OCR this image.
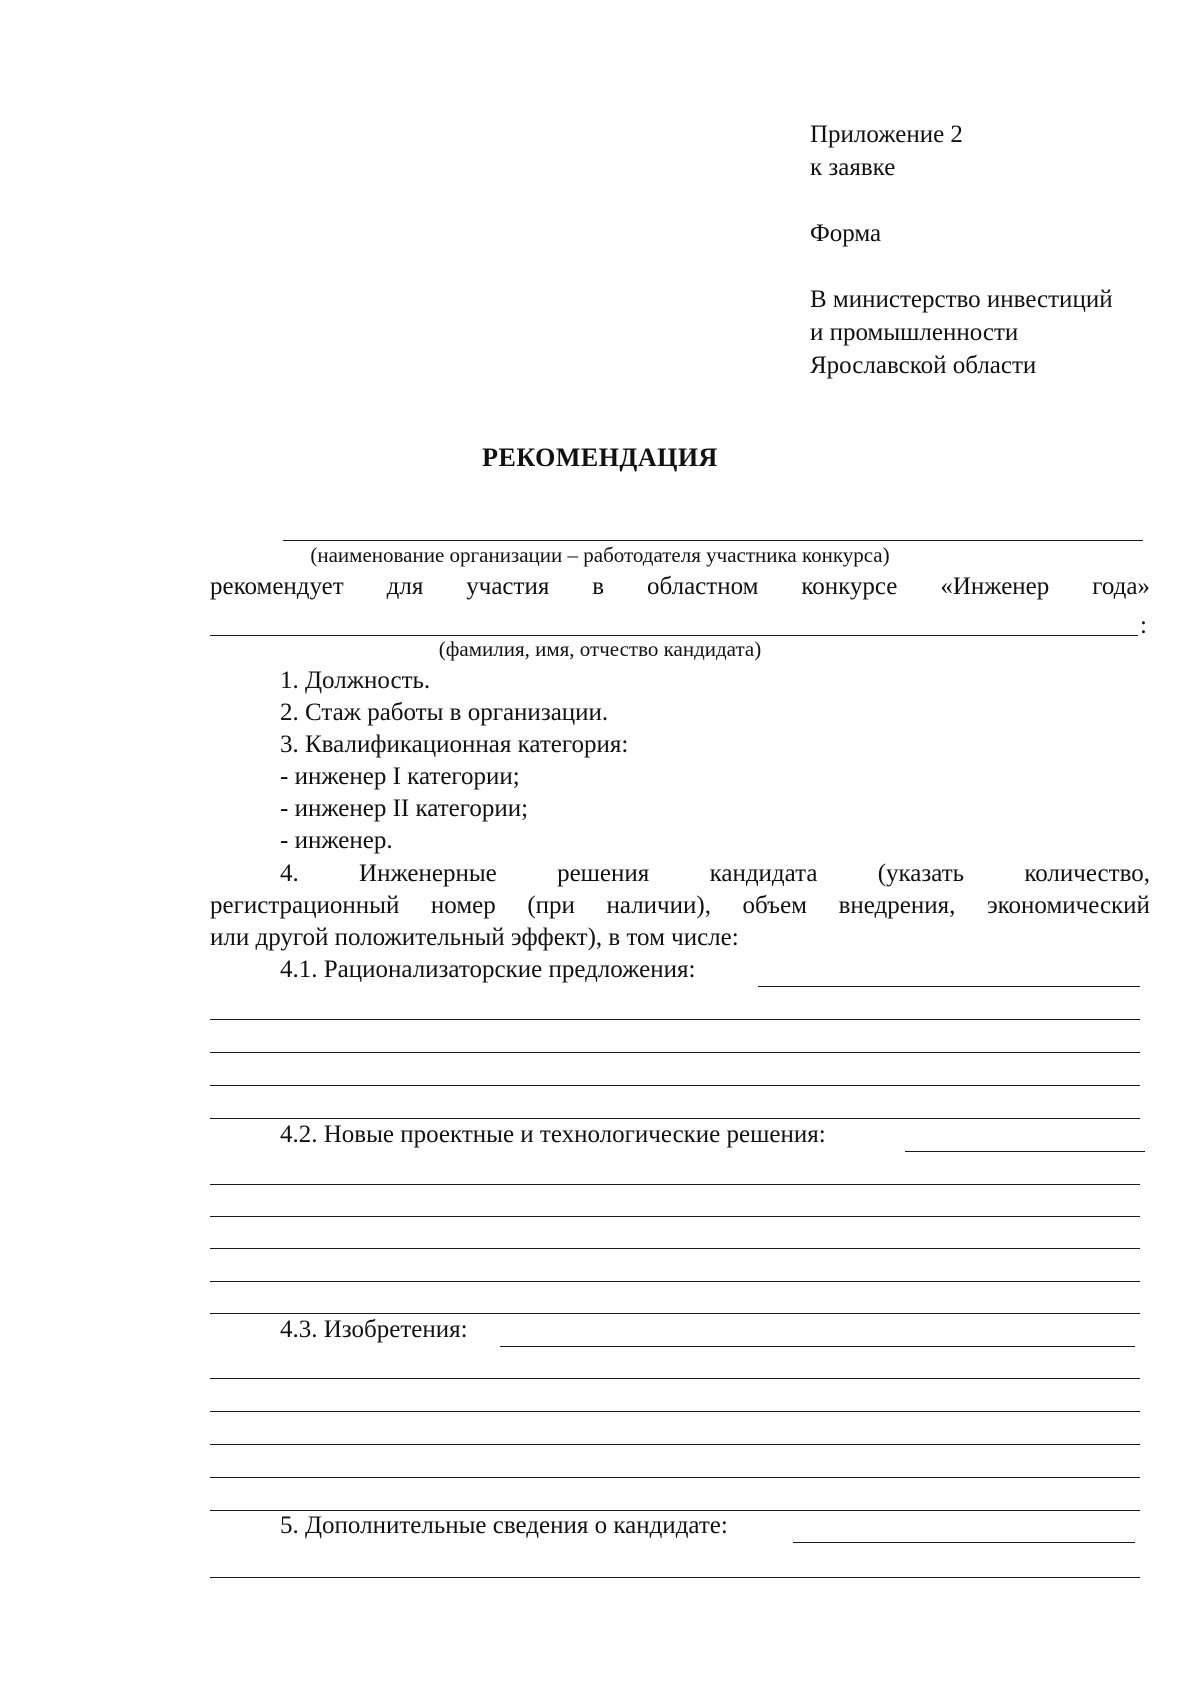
Приложение 2
к заявке
Форма
В министерство инвестиций
и промышленности
Ярославской области
РЕКОМЕНДАЦИЯ
(наименование организации – работодателя участника конкурса)
рекомендует для участия в областном конкурсе «Инженер года»
:
(фамилия, имя, отчество кандидата)
1. Должность.
2. Стаж работы в организации.
3. Квалификационная категория:
- инженер I категории;
- инженер II категории;
- инженер.
4. Инженерные решения кандидата (указать количество,
регистрационный номер (при наличии), объем внедрения, экономический
или другой положительный эффект), в том числе:
4.1. Рационализаторские предложения:
4.2. Новые проектные и технологические решения:
4.3. Изобретения:
5. Дополнительные сведения о кандидате:
